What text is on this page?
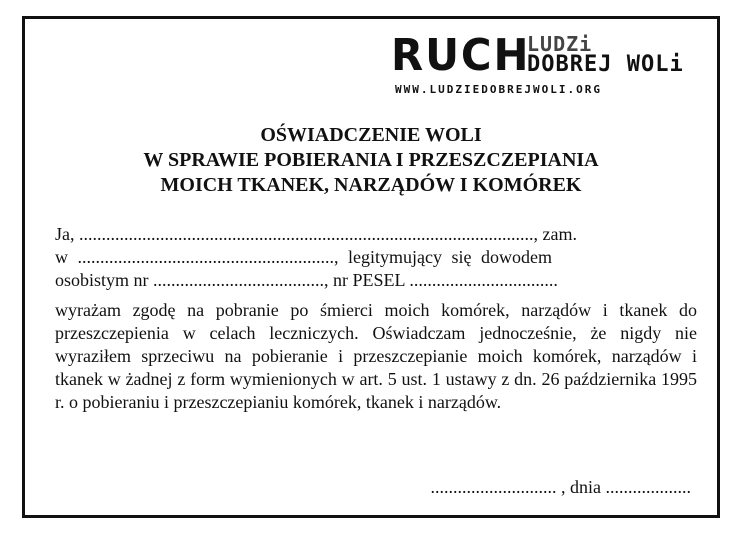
RUCH
LUDZi
DOBREJ WOLi
WWW.LUDZIEDOBREJWOLI.ORG
OŚWIADCZENIE WOLI
W SPRAWIE POBIERANIA I PRZESZCZEPIANIA
MOICH TKANEK, NARZĄDÓW I KOMÓREK
Ja, ....................................................................................................., zam.
w ........................................................., legitymujący się dowodem
osobistym nr ......................................, nr PESEL .................................
wyrażam zgodę na pobranie po śmierci moich komórek, narządów i tkanek do przeszczepienia w celach leczniczych. Oświadczam jednocześnie, że nigdy nie wyraziłem sprzeciwu na pobieranie i przeszczepianie moich komórek, narządów i tkanek w żadnej z form wymienionych w art. 5 ust. 1 ustawy z dn. 26 października 1995 r. o pobieraniu i przeszczepianiu komórek, tkanek i narządów.
............................ , dnia ...................
